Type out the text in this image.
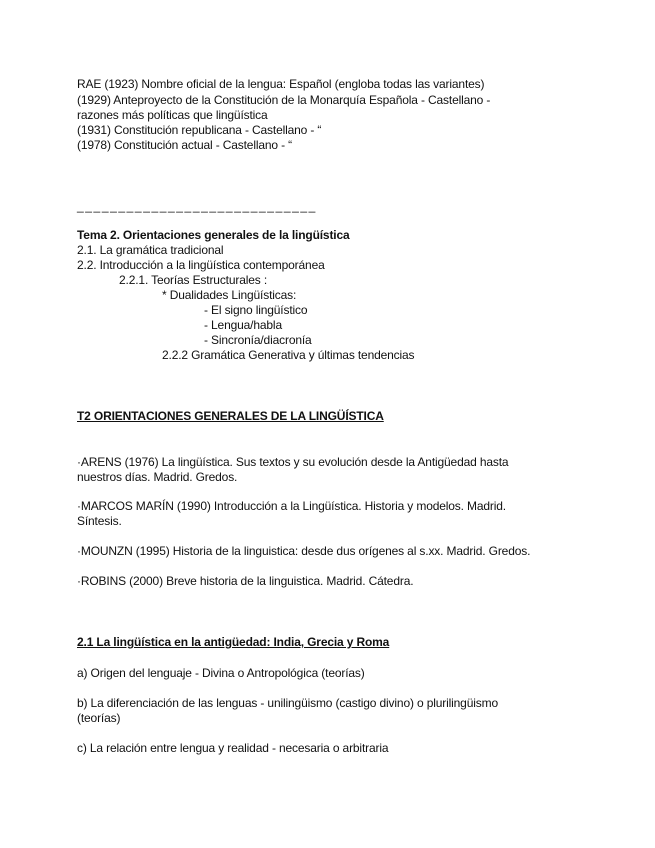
RAE (1923) Nombre oficial de la lengua: Español (engloba todas las variantes)

(1929) Anteproyecto de la Constitución de la Monarquía Española - Castellano -

razones más políticas que lingüística

(1931) Constitución republicana - Castellano - “

(1978) Constitución actual - Castellano - “

_____________________________

Tema 2. Orientaciones generales de la lingüística

2.1. La gramática tradicional

2.2. Introducción a la lingüística contemporánea

2.2.1. Teorías Estructurales :

* Dualidades Lingüísticas:

- El signo lingüístico

- Lengua/habla

- Sincronía/diacronía

2.2.2 Gramática Generativa y últimas tendencias

T2 ORIENTACIONES GENERALES DE LA LINGÜÍSTICA

·ARENS (1976) La lingüística. Sus textos y su evolución desde la Antigüedad hasta

nuestros días. Madrid. Gredos.

·MARCOS MARÍN (1990) Introducción a la Lingüística. Historia y modelos. Madrid.

Síntesis.

·MOUNZN (1995) Historia de la linguistica: desde dus orígenes al s.xx. Madrid. Gredos.

·ROBINS (2000) Breve historia de la linguistica. Madrid. Cátedra.

2.1 La lingüística en la antigüedad: India, Grecia y Roma

a) Origen del lenguaje - Divina o Antropológica (teorías)

b) La diferenciación de las lenguas - unilingüismo (castigo divino) o plurilingüismo

(teorías)

c) La relación entre lengua y realidad - necesaria o arbitraria
